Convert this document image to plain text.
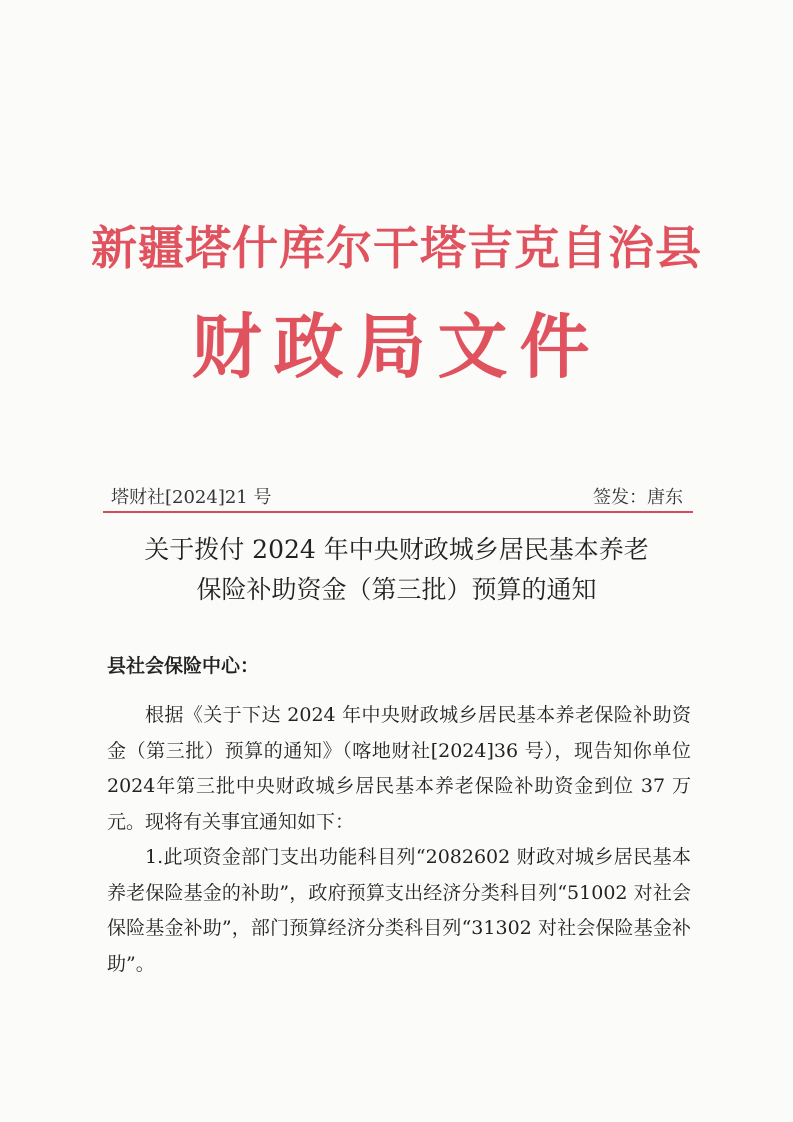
新疆塔什库尔干塔吉克自治县
财政局文件
塔财社[2024]21 号	签发：唐东
关于拨付 2024 年中央财政城乡居民基本养老
保险补助资金（第三批）预算的通知
县社会保险中心：

根据《关于下达 2024 年中央财政城乡居民基本养老保险补助资金（第三批）预算的通知》（喀地财社[2024]36 号），现告知你单位2024年第三批中央财政城乡居民基本养老保险补助资金到位 37 万元。现将有关事宜通知如下：

1.此项资金部门支出功能科目列“2082602 财政对城乡居民基本养老保险基金的补助”，政府预算支出经济分类科目列“51002 对社会保险基金补助”，部门预算经济分类科目列“31302 对社会保险基金补助”。
